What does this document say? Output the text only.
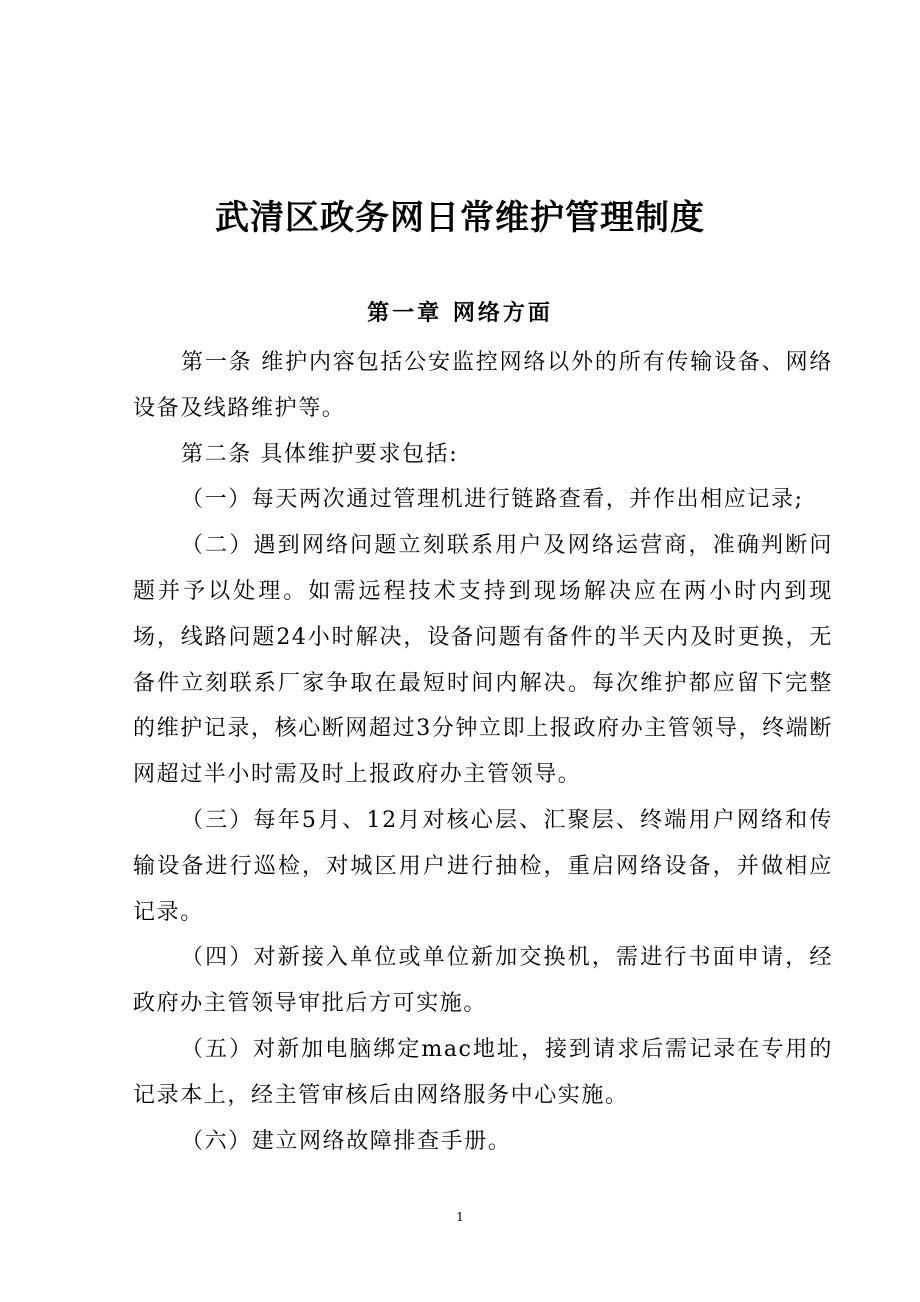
武清区政务网日常维护管理制度
第一章 网络方面

第一条 维护内容包括公安监控网络以外的所有传输设备、网络设备及线路维护等。

第二条 具体维护要求包括:

（一）每天两次通过管理机进行链路查看，并作出相应记录;

（二）遇到网络问题立刻联系用户及网络运营商，准确判断问题并予以处理。如需远程技术支持到现场解决应在两小时内到现场，线路问题24小时解决，设备问题有备件的半天内及时更换，无备件立刻联系厂家争取在最短时间内解决。每次维护都应留下完整的维护记录，核心断网超过3分钟立即上报政府办主管领导，终端断网超过半小时需及时上报政府办主管领导。

（三）每年5月、12月对核心层、汇聚层、终端用户网络和传输设备进行巡检，对城区用户进行抽检，重启网络设备，并做相应记录。

（四）对新接入单位或单位新加交换机，需进行书面申请，经政府办主管领导审批后方可实施。

（五）对新加电脑绑定mac地址，接到请求后需记录在专用的记录本上，经主管审核后由网络服务中心实施。

（六）建立网络故障排查手册。

1
